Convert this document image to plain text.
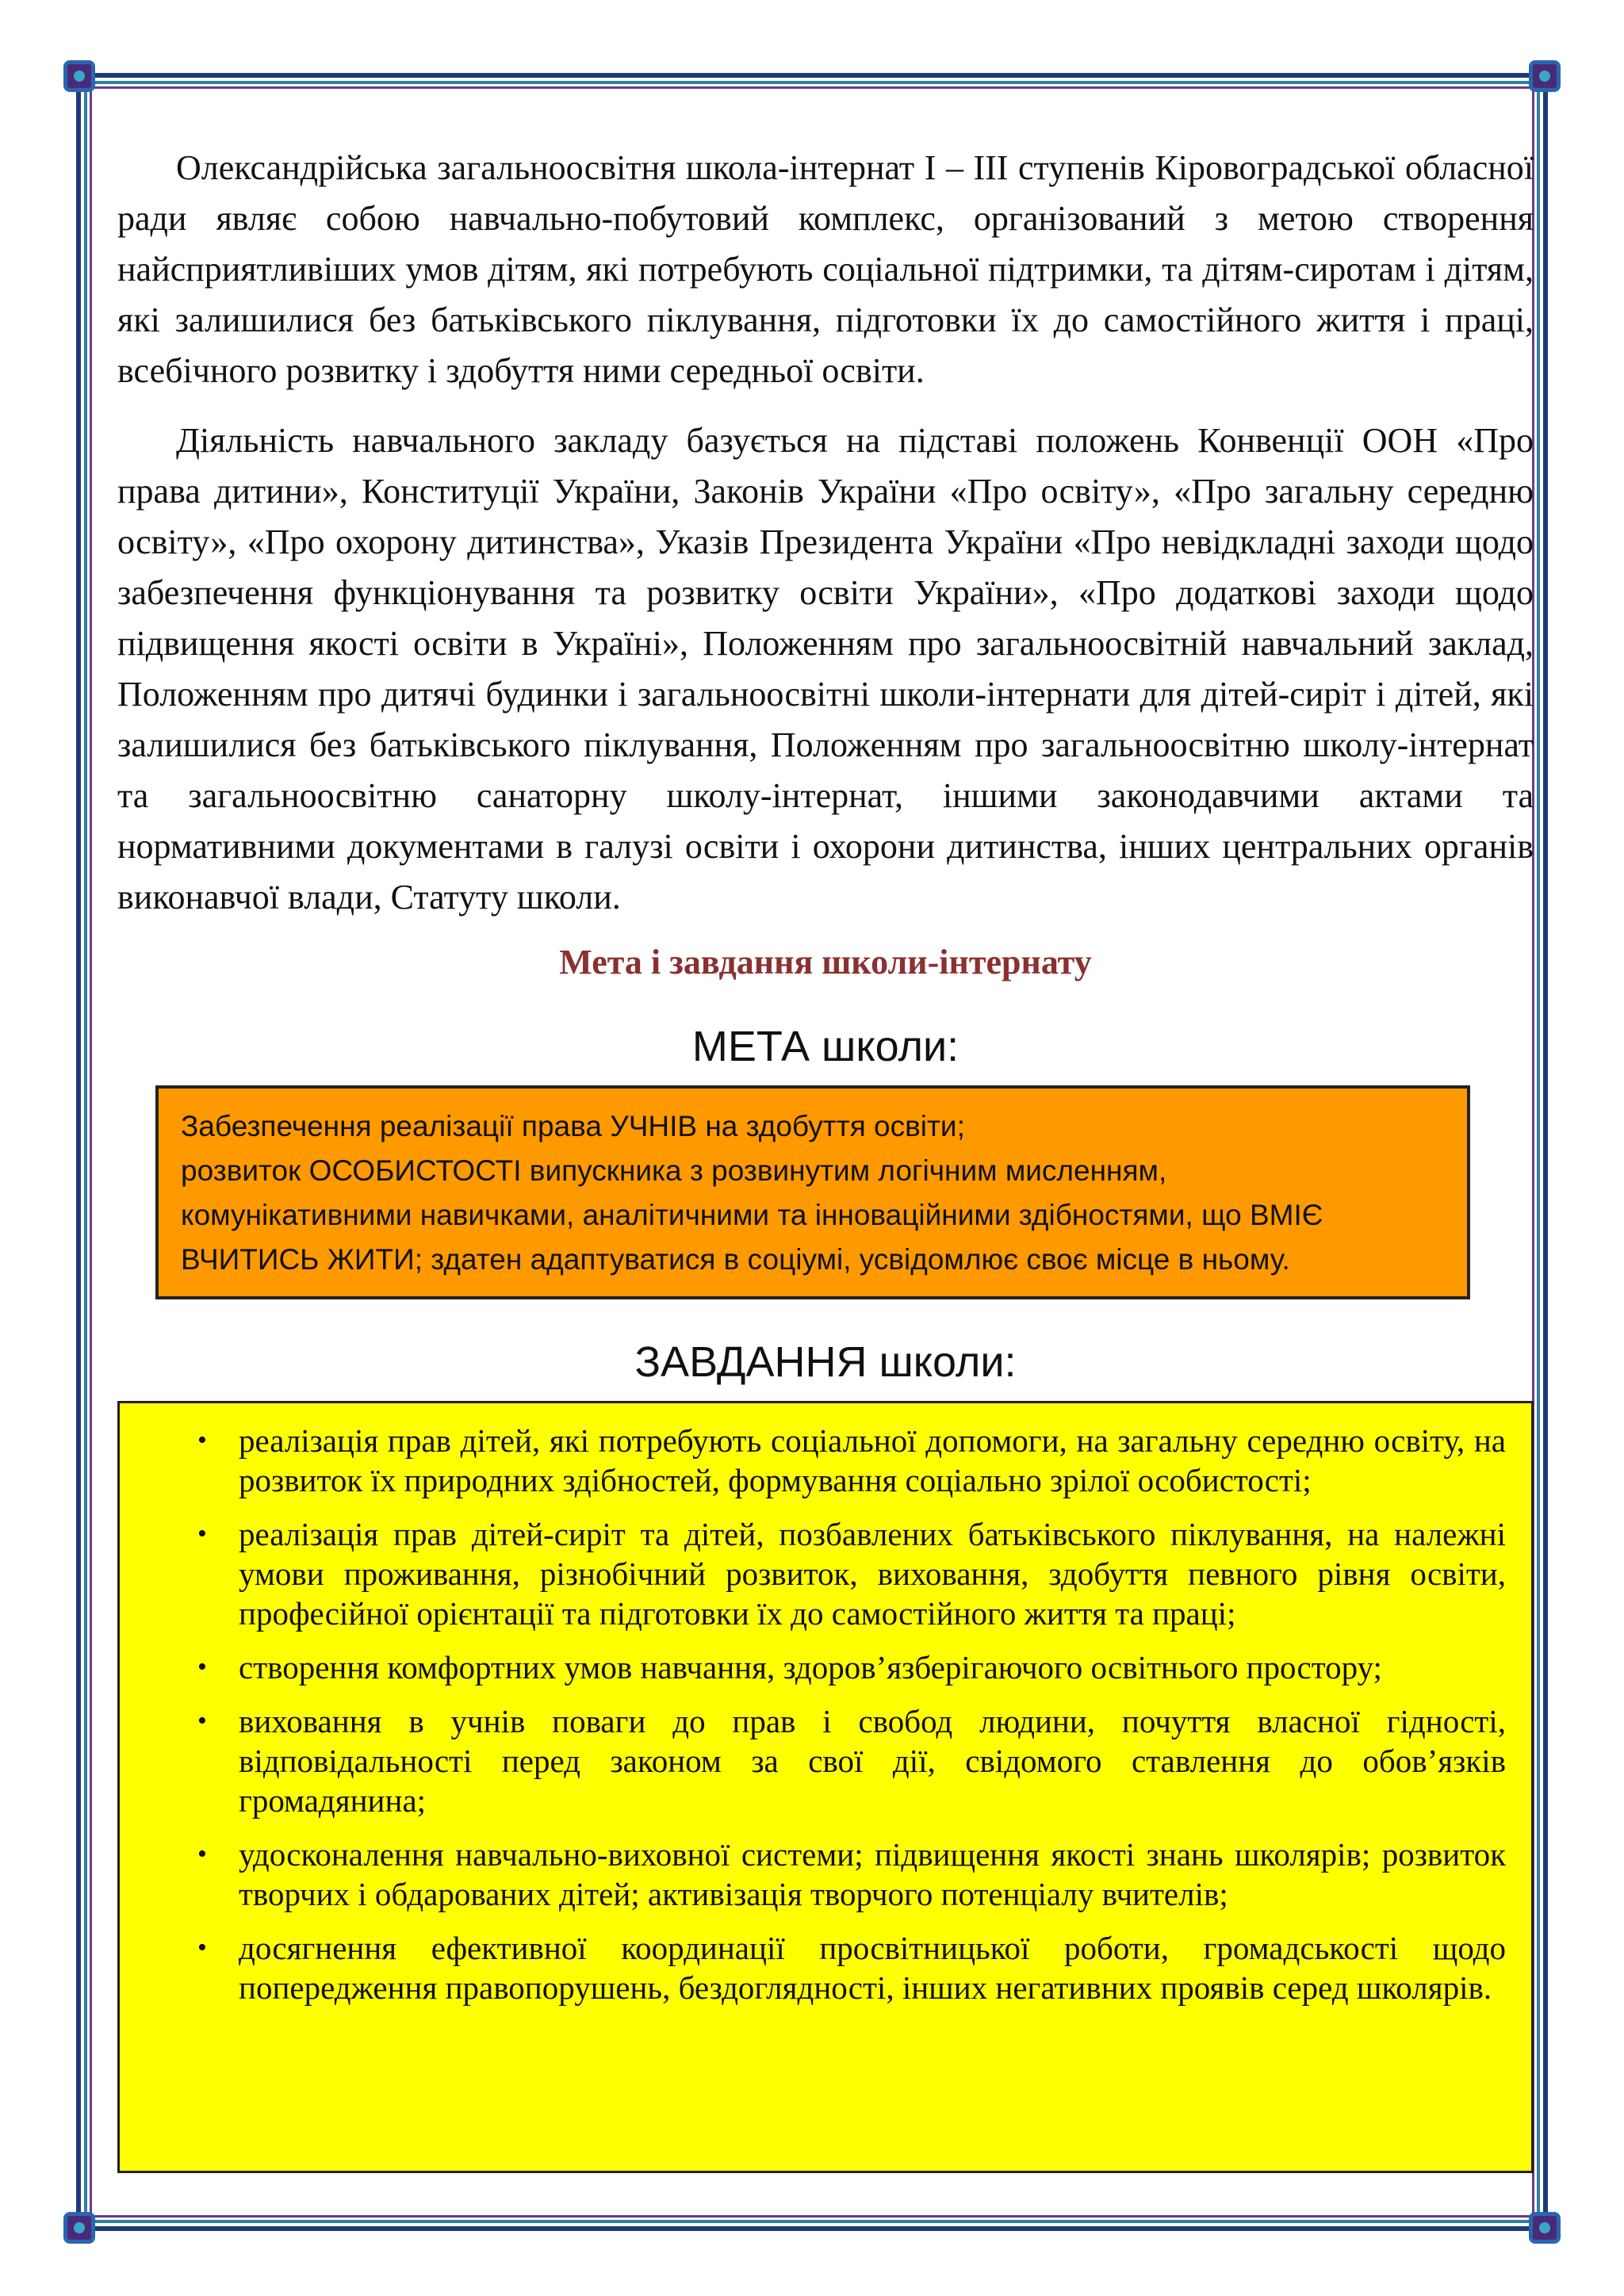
Олександрійська загальноосвітня школа-інтернат І – ІІІ ступенів Кіровоградської обласної ради являє собою навчально-побутовий комплекс, організований з метою створення найсприятливіших умов дітям, які потребують соціальної підтримки, та дітям-сиротам і дітям, які залишилися без батьківського піклування, підготовки їх до самостійного життя і праці, всебічного розвитку і здобуття ними середньої освіти.

Діяльність навчального закладу базується на підставі положень Конвенції ООН «Про права дитини», Конституції України, Законів України «Про освіту», «Про загальну середню освіту», «Про охорону дитинства», Указів Президента України «Про невідкладні заходи щодо забезпечення функціонування та розвитку освіти України», «Про додаткові заходи щодо підвищення якості освіти в Україні», Положенням про загальноосвітній навчальний заклад, Положенням про дитячі будинки і загальноосвітні школи-інтернати для дітей-сиріт і дітей, які залишилися без батьківського піклування, Положенням про загальноосвітню школу-інтернат та загальноосвітню санаторну школу-інтернат, іншими законодавчими актами та нормативними документами в галузі освіти і охорони дитинства, інших центральних органів виконавчої влади, Статуту школи.

Мета і завдання школи-інтернату
МЕТА школи:
Забезпечення реалізації права УЧНІВ на здобуття освіти;
розвиток ОСОБИСТОСТІ випускника з розвинутим логічним мисленням,
комунікативними навичками, аналітичними та інноваційними здібностями, що ВМІЄ
ВЧИТИСЬ ЖИТИ; здатен адаптуватися в соціумі, усвідомлює своє місце в ньому.
ЗАВДАННЯ школи:
• реалізація прав дітей, які потребують соціальної допомоги, на загальну середню освіту, на розвиток їх природних здібностей, формування соціально зрілої особистості;
• реалізація прав дітей-сиріт та дітей, позбавлених батьківського піклування, на належні умови проживання, різнобічний розвиток, виховання, здобуття певного рівня освіти, професійної орієнтації та підготовки їх до самостійного життя та праці;
• створення комфортних умов навчання, здоров’язберігаючого освітнього простору;
• виховання в учнів поваги до прав і свобод людини, почуття власної гідності, відповідальності перед законом за свої дії, свідомого ставлення до обов’язків громадянина;
• удосконалення навчально-виховної системи; підвищення якості знань школярів; розвиток творчих і обдарованих дітей; активізація творчого потенціалу вчителів;
• досягнення ефективної координації просвітницької роботи, громадськості щодо попередження правопорушень, бездоглядності, інших негативних проявів серед школярів.
